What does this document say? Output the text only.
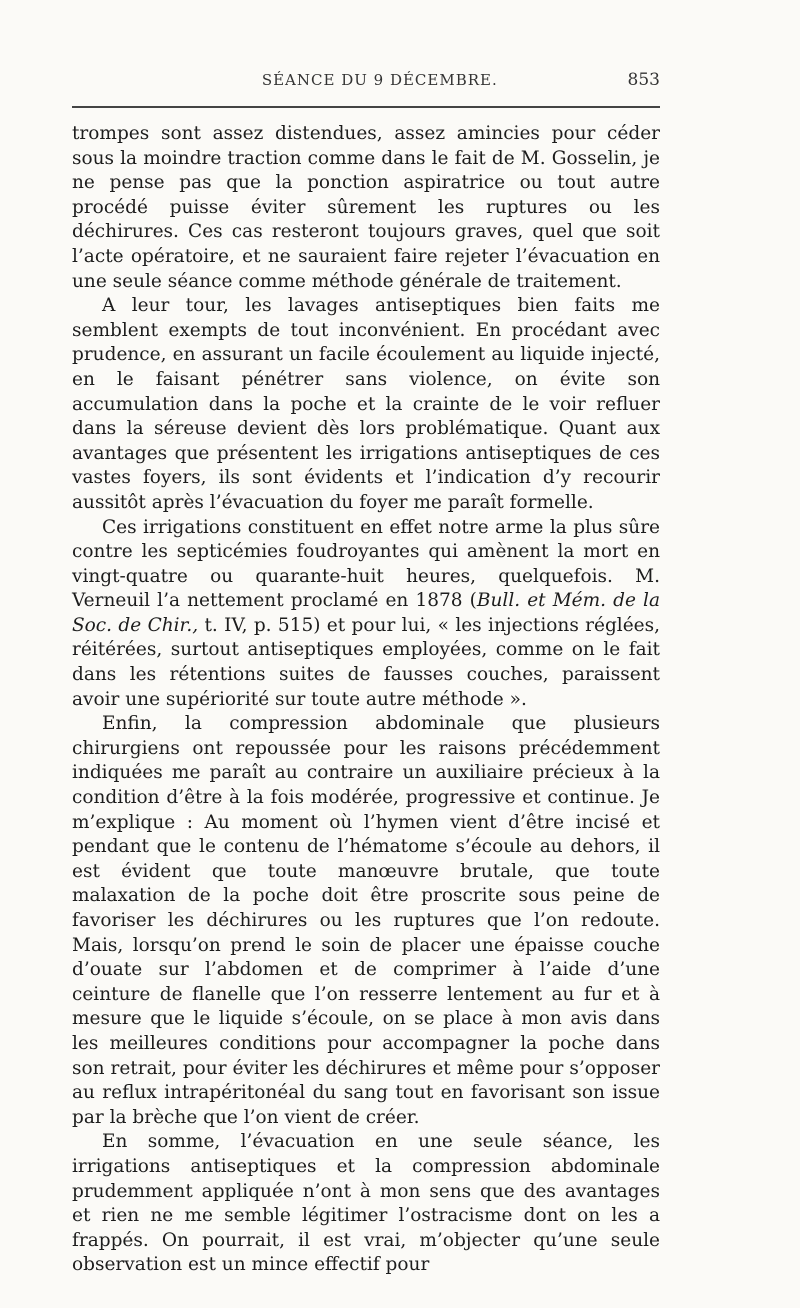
SÉANCE DU 9 DÉCEMBRE.	853

trompes sont assez distendues, assez amincies pour céder sous la moindre traction comme dans le fait de M. Gosselin, je ne pense pas que la ponction aspiratrice ou tout autre procédé puisse éviter sûrement les ruptures ou les déchirures. Ces cas resteront toujours graves, quel que soit l’acte opératoire, et ne sauraient faire rejeter l’évacuation en une seule séance comme méthode générale de traitement.

A leur tour, les lavages antiseptiques bien faits me semblent exempts de tout inconvénient. En procédant avec prudence, en assurant un facile écoulement au liquide injecté, en le faisant pénétrer sans violence, on évite son accumulation dans la poche et la crainte de le voir refluer dans la séreuse devient dès lors problématique. Quant aux avantages que présentent les irrigations antiseptiques de ces vastes foyers, ils sont évidents et l’indication d’y recourir aussitôt après l’évacuation du foyer me paraît formelle.

Ces irrigations constituent en effet notre arme la plus sûre contre les septicémies foudroyantes qui amènent la mort en vingt-quatre ou quarante-huit heures, quelquefois. M. Verneuil l’a nettement proclamé en 1878 (Bull. et Mém. de la Soc. de Chir., t. IV, p. 515) et pour lui, « les injections réglées, réitérées, surtout antiseptiques employées, comme on le fait dans les rétentions suites de fausses couches, paraissent avoir une supériorité sur toute autre méthode ».

Enfin, la compression abdominale que plusieurs chirurgiens ont repoussée pour les raisons précédemment indiquées me paraît au contraire un auxiliaire précieux à la condition d’être à la fois modérée, progressive et continue. Je m’explique : Au moment où l’hymen vient d’être incisé et pendant que le contenu de l’hématome s’écoule au dehors, il est évident que toute manœuvre brutale, que toute malaxation de la poche doit être proscrite sous peine de favoriser les déchirures ou les ruptures que l’on redoute. Mais, lorsqu’on prend le soin de placer une épaisse couche d’ouate sur l’abdomen et de comprimer à l’aide d’une ceinture de flanelle que l’on resserre lentement au fur et à mesure que le liquide s’écoule, on se place à mon avis dans les meilleures conditions pour accompagner la poche dans son retrait, pour éviter les déchirures et même pour s’opposer au reflux intrapéritonéal du sang tout en favorisant son issue par la brèche que l’on vient de créer.

En somme, l’évacuation en une seule séance, les irrigations antiseptiques et la compression abdominale prudemment appliquée n’ont à mon sens que des avantages et rien ne me semble légitimer l’ostracisme dont on les a frappés. On pourrait, il est vrai, m’objecter qu’une seule observation est un mince effectif pour
